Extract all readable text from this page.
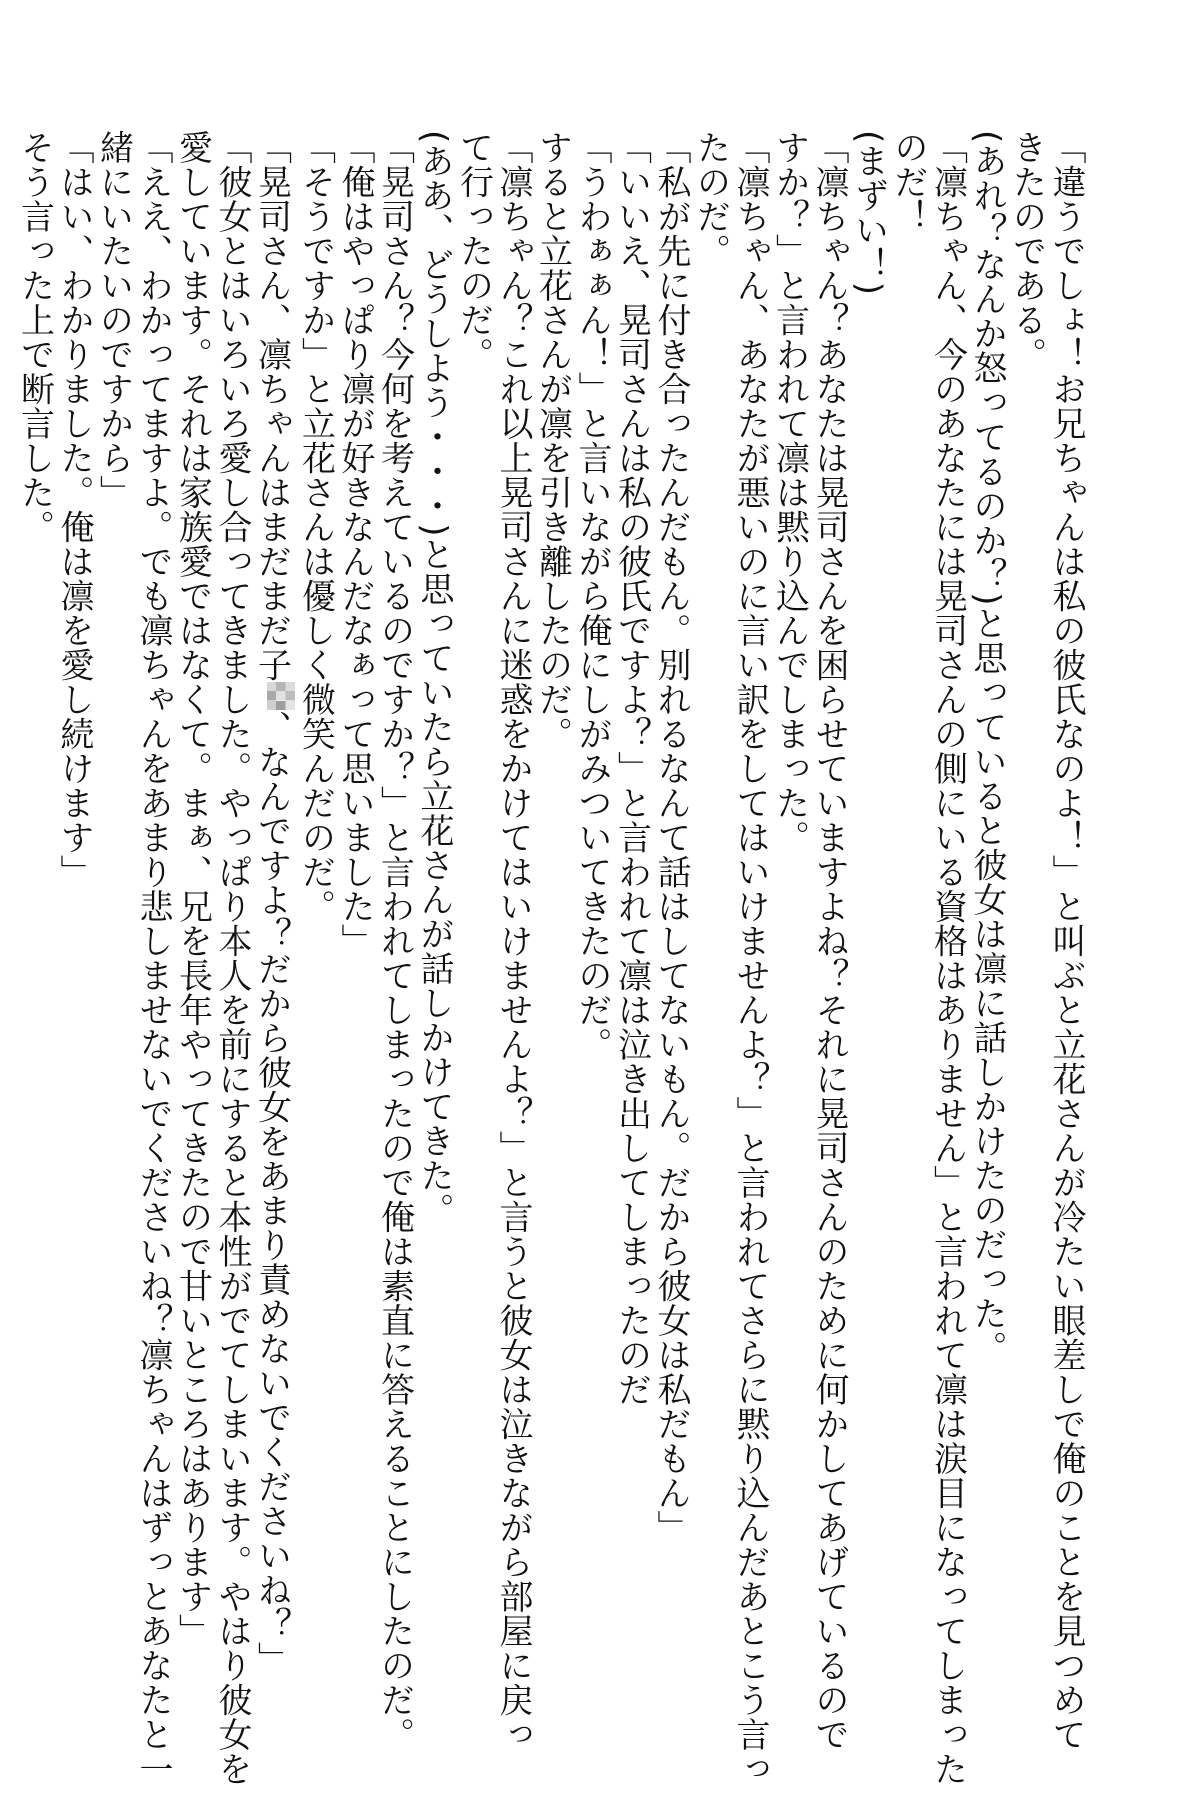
「違うでしょ！お兄ちゃんは私の彼氏なのよ！」と叫ぶと立花さんが冷たい眼差しで俺のことを見つめて
きたのである。
(あれ？なんか怒ってるのか？)と思っていると彼女は凛に話しかけたのだった。
「凛ちゃん、今のあなたには晃司さんの側にいる資格はありません」と言われて凛は涙目になってしまった
のだ！
(まずい！)
「凛ちゃん？あなたは晃司さんを困らせていますよね？それに晃司さんのために何かしてあげているので
すか？」と言われて凛は黙り込んでしまった。
「凛ちゃん、あなたが悪いのに言い訳をしてはいけませんよ？」と言われてさらに黙り込んだあとこう言っ
たのだ。
「私が先に付き合ったんだもん。別れるなんて話はしてないもん。だから彼女は私だもん」
「いいえ、晃司さんは私の彼氏ですよ？」と言われて凛は泣き出してしまったのだ
「うわぁぁん！」と言いながら俺にしがみついてきたのだ。
すると立花さんが凛を引き離したのだ。
「凛ちゃん？これ以上晃司さんに迷惑をかけてはいけませんよ？」と言うと彼女は泣きながら部屋に戻っ
て行ったのだ。
(ああ、どうしよう・・・)と思っていたら立花さんが話しかけてきた。
「晃司さん？今何を考えているのですか？」と言われてしまったので俺は素直に答えることにしたのだ。
「俺はやっぱり凛が好きなんだなぁって思いました」
「そうですか」と立花さんは優しく微笑んだのだ。
「晃司さん、凛ちゃんはまだまだ子、なんですよ？だから彼女をあまり責めないでくださいね？」
「彼女とはいろいろ愛し合ってきました。やっぱり本人を前にすると本性がでてしまいます。やはり彼女を
愛しています。それは家族愛ではなくて。まぁ、兄を長年やってきたので甘いところはあります」
「ええ、わかってますよ。でも凛ちゃんをあまり悲しませないでくださいね？凛ちゃんはずっとあなたと一
緒にいたいのですから」
「はい、わかりました。俺は凛を愛し続けます」
そう言った上で断言した。
